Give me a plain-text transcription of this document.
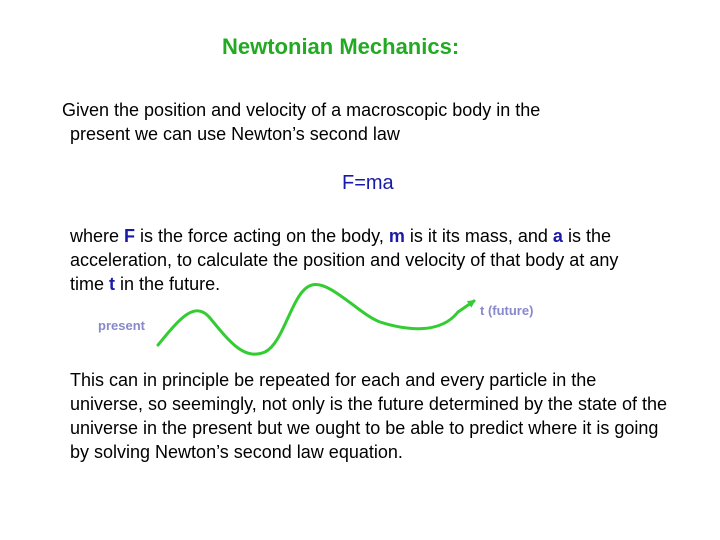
Newtonian Mechanics:
Given the position and velocity of a macroscopic body in the
present we can use Newton’s second law
F=ma
where F is the force acting on the body, m is it its mass, and a is the acceleration, to calculate the position and velocity of that body at any time t in the future.
present
t (future)
This can in principle be repeated for each and every particle in the universe, so seemingly, not only is the future determined by the state of the universe in the present but we ought to be able to predict where it is going by solving Newton’s second law equation.
